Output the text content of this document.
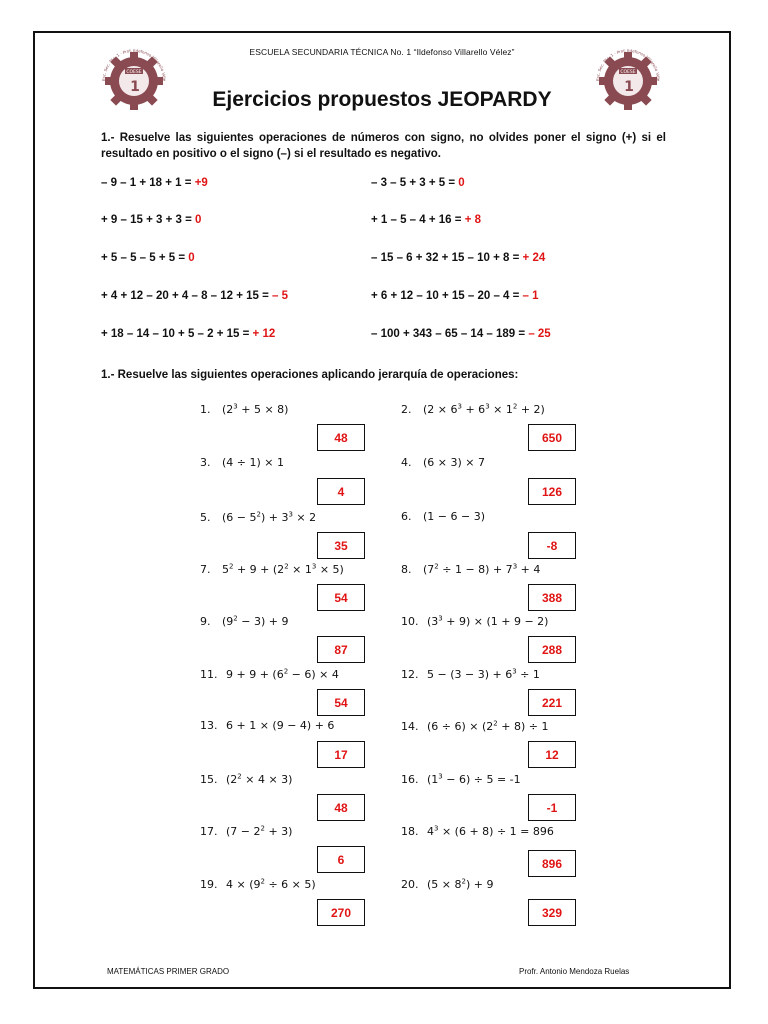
COESE
1
Esc. Sec. Téc. 1 · Prof. Ildefonso Villarello Véle
COESE
1
Esc. Sec. Téc. 1 · Prof. Ildefonso Villarello Véle
ESCUELA SECUNDARIA TÉCNICA No. 1 “Ildefonso Villarello Vélez”
Ejercicios propuestos JEOPARDY
1.- Resuelve las siguientes operaciones de números con signo, no olvides poner el signo (+) si el resultado en positivo o el signo (–) si el resultado es negativo.
– 9 – 1 + 18 + 1 = +9
+ 9 – 15 + 3 + 3 = 0
+ 5 – 5 – 5 + 5 = 0
+ 4 + 12 – 20 + 4 – 8 – 12 + 15 = – 5
+ 18 – 14 – 10 + 5 – 2 + 15 = + 12
– 3 – 5 + 3 + 5 = 0
+ 1 – 5 – 4 + 16 = + 8
– 15 – 6 + 32 + 15 – 10 + 8 = + 24
+ 6 + 12 – 10 + 15 – 20 – 4 = – 1
– 100 + 343 – 65 – 14 – 189 = – 25
1.- Resuelve las siguientes operaciones aplicando jerarquía de operaciones:
1. $(2^3 + 5 \times 8)$
48
2. $(2 \times 6^3 + 6^3 \times 1^2 + 2)$
650
3. (4 ÷ 1) × 1
4
4. (6 × 3) × 7
126
5. $(6 - 5^2) + 3^3 \times 2$
35
6. (1 − 6 − 3)
-8
7. $5^2 + 9 + (2^2 \times 1^3 \times 5)$
54
8. $(7^2 \div 1 - 8) + 7^3 + 4$
388
9. $(9^2 - 3) + 9$
87
10. $(3^3 + 9) \times (1 + 9 - 2)$
288
11. $9 + 9 + (6^2 - 6) \times 4$
54
12. $5 - (3 - 3) + 6^3 \div 1$
221
13. 6 + 1 × (9 − 4) + 6
17
14. $(6 \div 6) \times (2^2 + 8) \div 1$
12
15. $(2^2 \times 4 \times 3)$
48
16. $(1^3 - 6) \div 5 = -1$
-1
17. $(7 - 2^2 + 3)$
6
18. $4^3 \times (6 + 8) \div 1 = 896$
896
19. $4 \times (9^2 \div 6 \times 5)$
270
20. $(5 \times 8^2) + 9$
329
MATEMÁTICAS PRIMER GRADO	Profr. Antonio Mendoza Ruelas
